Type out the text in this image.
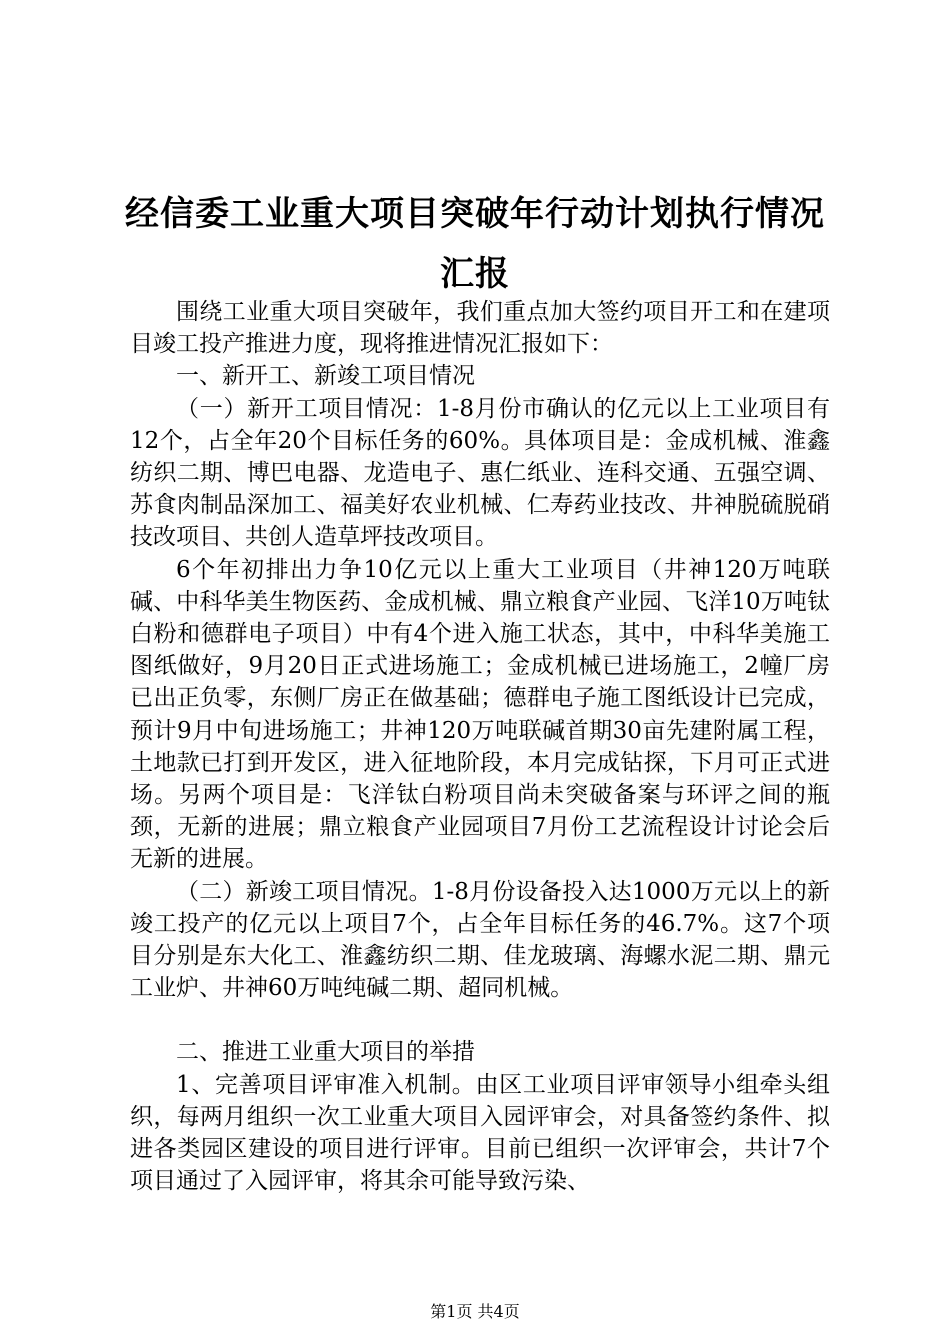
经信委工业重大项目突破年行动计划执行情况
汇报

围绕工业重大项目突破年，我们重点加大签约项目开工和在建项目竣工投产推进力度，现将推进情况汇报如下：

一、新开工、新竣工项目情况

（一）新开工项目情况：1-8月份市确认的亿元以上工业项目有12个，占全年20个目标任务的60%。具体项目是：金成机械、淮鑫纺织二期、博巴电器、龙造电子、惠仁纸业、连科交通、五强空调、苏食肉制品深加工、福美好农业机械、仁寿药业技改、井神脱硫脱硝技改项目、共创人造草坪技改项目。

6个年初排出力争10亿元以上重大工业项目（井神120万吨联碱、中科华美生物医药、金成机械、鼎立粮食产业园、飞洋10万吨钛白粉和德群电子项目）中有4个进入施工状态，其中，中科华美施工图纸做好，9月20日正式进场施工；金成机械已进场施工，2幢厂房已出正负零，东侧厂房正在做基础；德群电子施工图纸设计已完成，预计9月中旬进场施工；井神120万吨联碱首期30亩先建附属工程，土地款已打到开发区，进入征地阶段，本月完成钻探，下月可正式进场。另两个项目是：飞洋钛白粉项目尚未突破备案与环评之间的瓶颈，无新的进展；鼎立粮食产业园项目7月份工艺流程设计讨论会后无新的进展。

（二）新竣工项目情况。1-8月份设备投入达1000万元以上的新竣工投产的亿元以上项目7个，占全年目标任务的46.7%。这7个项目分别是东大化工、淮鑫纺织二期、佳龙玻璃、海螺水泥二期、鼎元工业炉、井神60万吨纯碱二期、超同机械。

二、推进工业重大项目的举措

1、完善项目评审准入机制。由区工业项目评审领导小组牵头组织，每两月组织一次工业重大项目入园评审会，对具备签约条件、拟进各类园区建设的项目进行评审。目前已组织一次评审会，共计7个项目通过了入园评审，将其余可能导致污染、

第1页 共4页
